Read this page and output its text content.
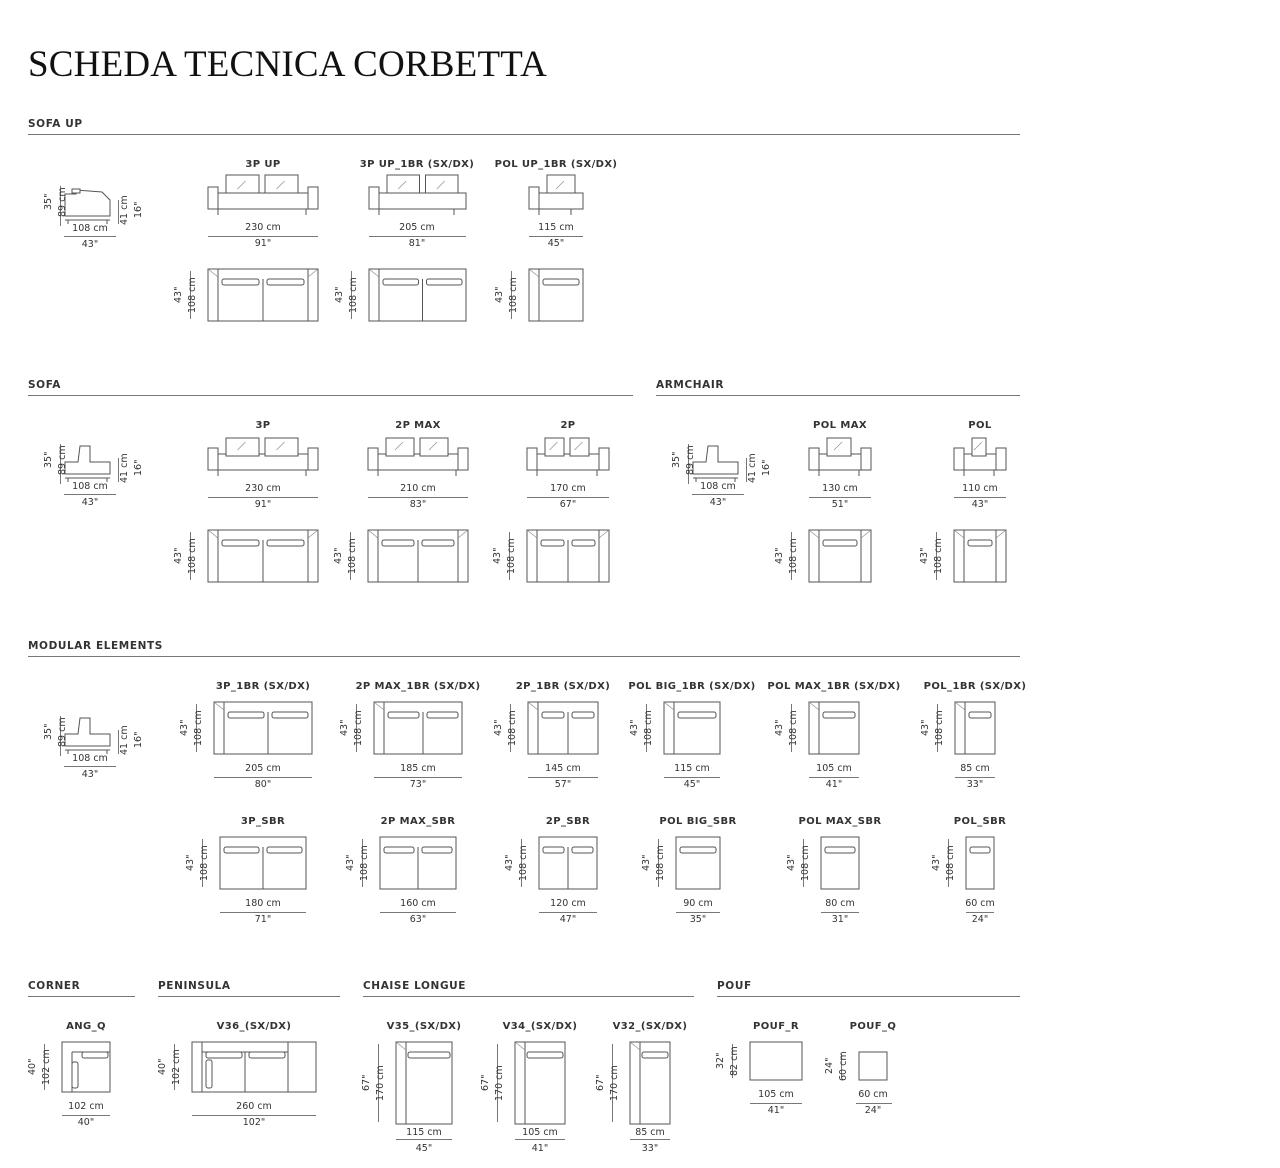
SCHEDA TECNICA CORBETTA
SOFA UP
SOFA	ARMCHAIR
MODULAR ELEMENTS
CORNER	PENINSULA	CHAISE LONGUE	POUF
35" 89 cm	41 cm 16"
108 cm
43"
230 cm
91"
3P UP
43" 108 cm
205 cm
81"
3P UP_1BR (SX/DX)
43" 108 cm
115 cm
45"
POL UP_1BR (SX/DX)
43" 108 cm
35" 89 cm	41 cm 16"
108 cm
43"
230 cm
91"
3P
43" 108 cm
210 cm
83"
2P MAX
43" 108 cm
170 cm
67"
2P
43" 108 cm
35" 89 cm	41 cm 16"
108 cm
43"
130 cm
51"
POL MAX
43" 108 cm
110 cm
43"
POL
43" 108 cm
35" 89 cm	41 cm 16"
108 cm
43"
3P_1BR (SX/DX)
43" 108 cm
205 cm
80"
2P MAX_1BR (SX/DX)
43" 108 cm
185 cm
73"
2P_1BR (SX/DX)
43" 108 cm
145 cm
57"
POL BIG_1BR (SX/DX)
43" 108 cm
115 cm
45"
POL MAX_1BR (SX/DX)
43" 108 cm
105 cm
41"
POL_1BR (SX/DX)
43" 108 cm
85 cm
33"
3P_SBR
43" 108 cm
180 cm
71"
2P MAX_SBR
43" 108 cm
160 cm
63"
2P_SBR
43" 108 cm
120 cm
47"
POL BIG_SBR
43" 108 cm
90 cm
35"
POL MAX_SBR
43" 108 cm
80 cm
31"
POL_SBR
43" 108 cm
60 cm
24"
ANG_Q
40" 102 cm
102 cm
40"
V36_(SX/DX)
40" 102 cm
260 cm
102"
V35_(SX/DX)
67" 170 cm
115 cm
45"
V34_(SX/DX)
67" 170 cm
105 cm
41"
V32_(SX/DX)
67" 170 cm
85 cm
33"
POUF_R
32" 82 cm
105 cm
41"
POUF_Q
24" 60 cm
60 cm
24"
